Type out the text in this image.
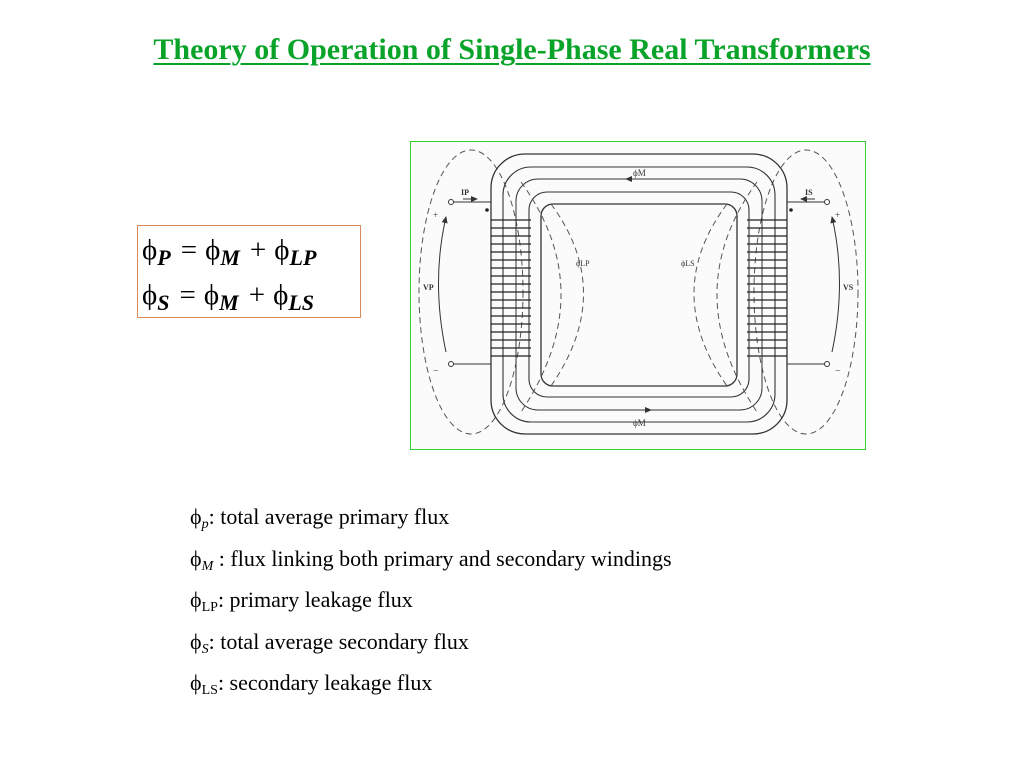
Theory of Operation of Single-Phase Real Transformers
$\phi_P = \phi_M + \phi_{LP}$
$\phi_S = \phi_M + \phi_{LS}$
ϕM
ϕM
ϕLP	ϕLS
IP	IS
VP	VS
+
−
+
−
$\phi_p$: total average primary flux
$\phi_M$ : flux linking both primary and secondary windings
$\phi_{LP}$: primary leakage flux
$\phi_S$: total average secondary flux
$\phi_{LS}$: secondary leakage flux
